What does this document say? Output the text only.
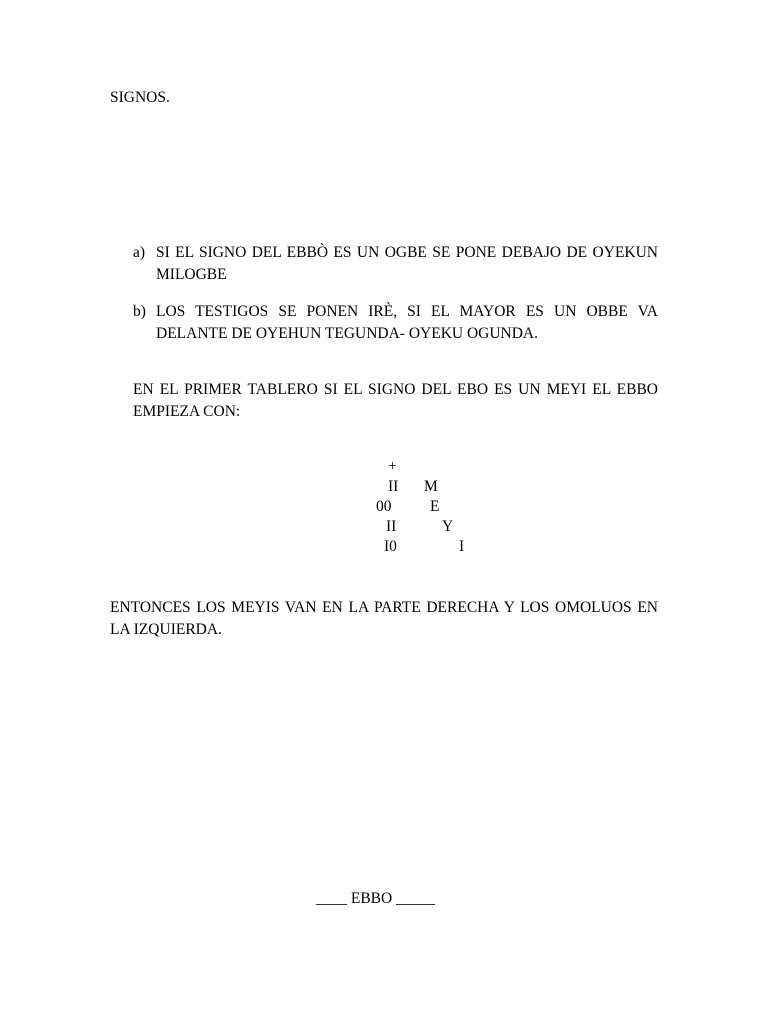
SIGNOS.
a) SI EL SIGNO DEL EBBÒ ES UN OGBE SE PONE DEBAJO DE OYEKUN MILOGBE
b) LOS TESTIGOS SE PONEN IRÈ, SI EL MAYOR ES UN OBBE VA DELANTE DE OYEHUN TEGUNDA- OYEKU OGUNDA.
EN EL PRIMER TABLERO SI EL SIGNO DEL EBO ES UN MEYI EL EBBO EMPIEZA CON:
+
II M
00 E
II	Y
I0	I
ENTONCES LOS MEYIS VAN EN LA PARTE DERECHA Y LOS OMOLUOS EN LA IZQUIERDA.
____ EBBO _____
